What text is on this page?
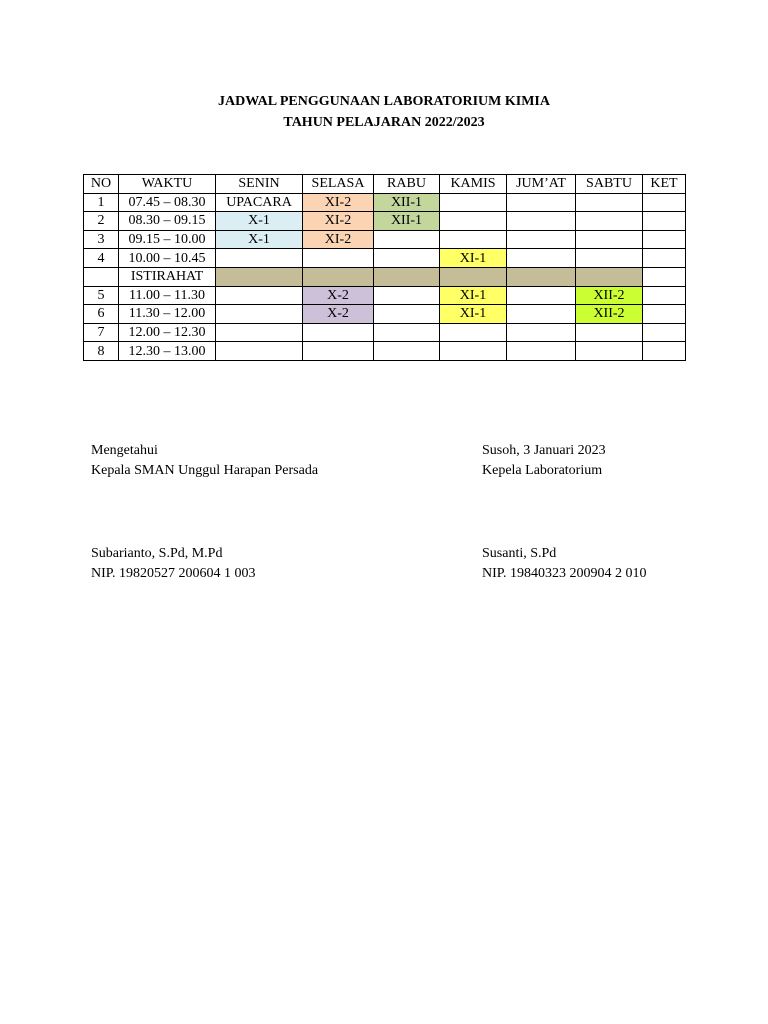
JADWAL PENGGUNAAN LABORATORIUM KIMIA
TAHUN PELAJARAN 2022/2023
NO	WAKTU	SENIN	SELASA	RABU	KAMIS	JUM’AT	SABTU	KET
1	07.45 – 08.30	UPACARA	XI-2	XII-1				
2	08.30 – 09.15	X-1	XI-2	XII-1				
3	09.15 – 10.00	X-1	XI-2					
4	10.00 – 10.45				XI-1			
	ISTIRAHAT							
5	11.00 – 11.30		X-2		XI-1		XII-2	
6	11.30 – 12.00		X-2		XI-1		XII-2	
7	12.00 – 12.30							
8	12.30 – 13.00							
Mengetahui
Kepala SMAN Unggul Harapan Persada
Subarianto, S.Pd, M.Pd
NIP. 19820527 200604 1 003
Susoh, 3 Januari 2023
Kepela Laboratorium
Susanti, S.Pd
NIP. 19840323 200904 2 010
